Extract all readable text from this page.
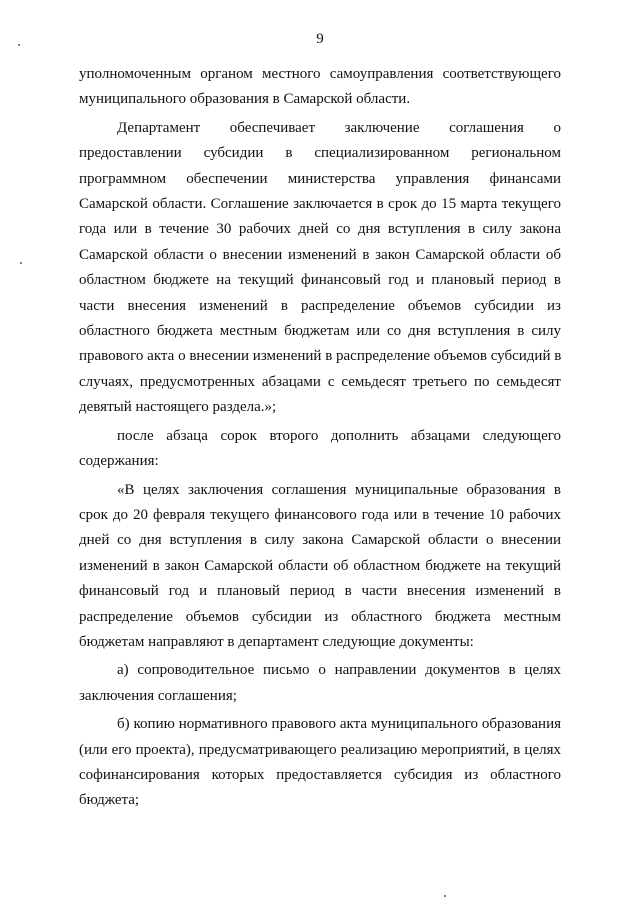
9

уполномоченным органом местного самоуправления соответствующего
муниципального образования в Самарской области.

Департамент обеспечивает заключение соглашения о
предоставлении субсидии в специализированном региональном
программном обеспечении министерства управления финансами
Самарской области. Соглашение заключается в срок до 15 марта текущего
года или в течение 30 рабочих дней со дня вступления в силу закона
Самарской области о внесении изменений в закон Самарской области об
областном бюджете на текущий финансовый год и плановый период в
части внесения изменений в распределение объемов субсидии из
областного бюджета местным бюджетам или со дня вступления в силу
правового акта о внесении изменений в распределение объемов субсидий в
случаях, предусмотренных абзацами с семьдесят третьего по семьдесят
девятый настоящего раздела.»;

после абзаца сорок второго дополнить абзацами следующего
содержания:

«В целях заключения соглашения муниципальные образования в
срок до 20 февраля текущего финансового года или в течение 10 рабочих
дней со дня вступления в силу закона Самарской области о внесении
изменений в закон Самарской области об областном бюджете на текущий
финансовый год и плановый период в части внесения изменений в
распределение объемов субсидии из областного бюджета местным
бюджетам направляют в департамент следующие документы:

а) сопроводительное письмо о направлении документов в целях
заключения соглашения;

б) копию нормативного правового акта муниципального образования
(или его проекта), предусматривающего реализацию мероприятий, в целях
софинансирования которых предоставляется субсидия из областного
бюджета;
